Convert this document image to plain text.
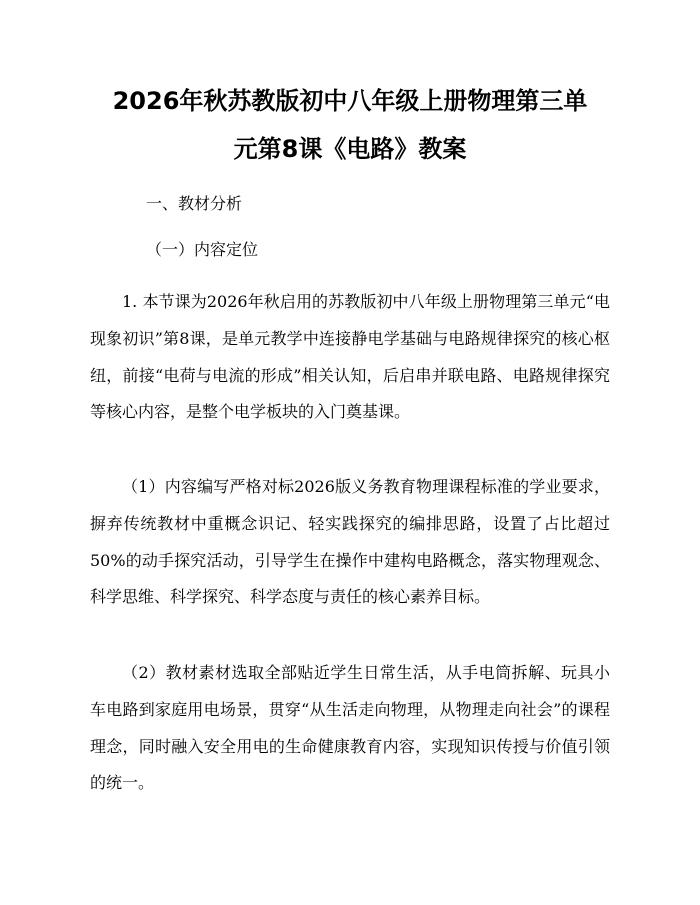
2026年秋苏教版初中八年级上册物理第三单
元第8课《电路》教案
一、教材分析
（一）内容定位

1. 本节课为2026年秋启用的苏教版初中八年级上册物理第三单元“电现象初识”第8课，是单元教学中连接静电学基础与电路规律探究的核心枢纽，前接“电荷与电流的形成”相关认知，后启串并联电路、电路规律探究等核心内容，是整个电学板块的入门奠基课。

（1）内容编写严格对标2026版义务教育物理课程标准的学业要求，摒弃传统教材中重概念识记、轻实践探究的编排思路，设置了占比超过50%的动手探究活动，引导学生在操作中建构电路概念，落实物理观念、科学思维、科学探究、科学态度与责任的核心素养目标。

（2）教材素材选取全部贴近学生日常生活，从手电筒拆解、玩具小车电路到家庭用电场景，贯穿“从生活走向物理，从物理走向社会”的课程理念，同时融入安全用电的生命健康教育内容，实现知识传授与价值引领的统一。
